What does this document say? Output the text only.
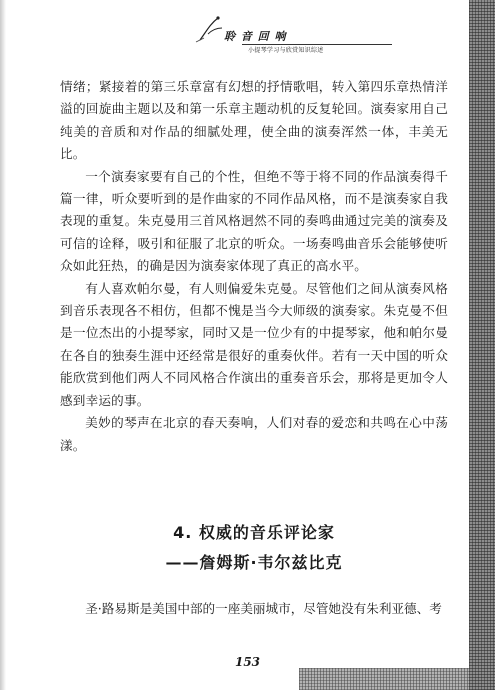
聆 音 回 响
小提琴学习与欣赏知识综述

情绪；紧接着的第三乐章富有幻想的抒情歌唱，转入第四乐章热情洋溢的回旋曲主题以及和第一乐章主题动机的反复轮回。演奏家用自己纯美的音质和对作品的细腻处理，使全曲的演奏浑然一体，丰美无比。

一个演奏家要有自己的个性，但绝不等于将不同的作品演奏得千篇一律，听众要听到的是作曲家的不同作品风格，而不是演奏家自我表现的重复。朱克曼用三首风格迥然不同的奏鸣曲通过完美的演奏及可信的诠释，吸引和征服了北京的听众。一场奏鸣曲音乐会能够使听众如此狂热，的确是因为演奏家体现了真正的高水平。

有人喜欢帕尔曼，有人则偏爱朱克曼。尽管他们之间从演奏风格到音乐表现各不相仿，但都不愧是当今大师级的演奏家。朱克曼不但是一位杰出的小提琴家，同时又是一位少有的中提琴家，他和帕尔曼在各自的独奏生涯中还经常是很好的重奏伙伴。若有一天中国的听众能欣赏到他们两人不同风格合作演出的重奏音乐会，那将是更加令人感到幸运的事。

美妙的琴声在北京的春天奏响，人们对春的爱恋和共鸣在心中荡漾。

4. 权威的音乐评论家
——詹姆斯·韦尔兹比克

圣·路易斯是美国中部的一座美丽城市，尽管她没有朱利亚德、考

153
